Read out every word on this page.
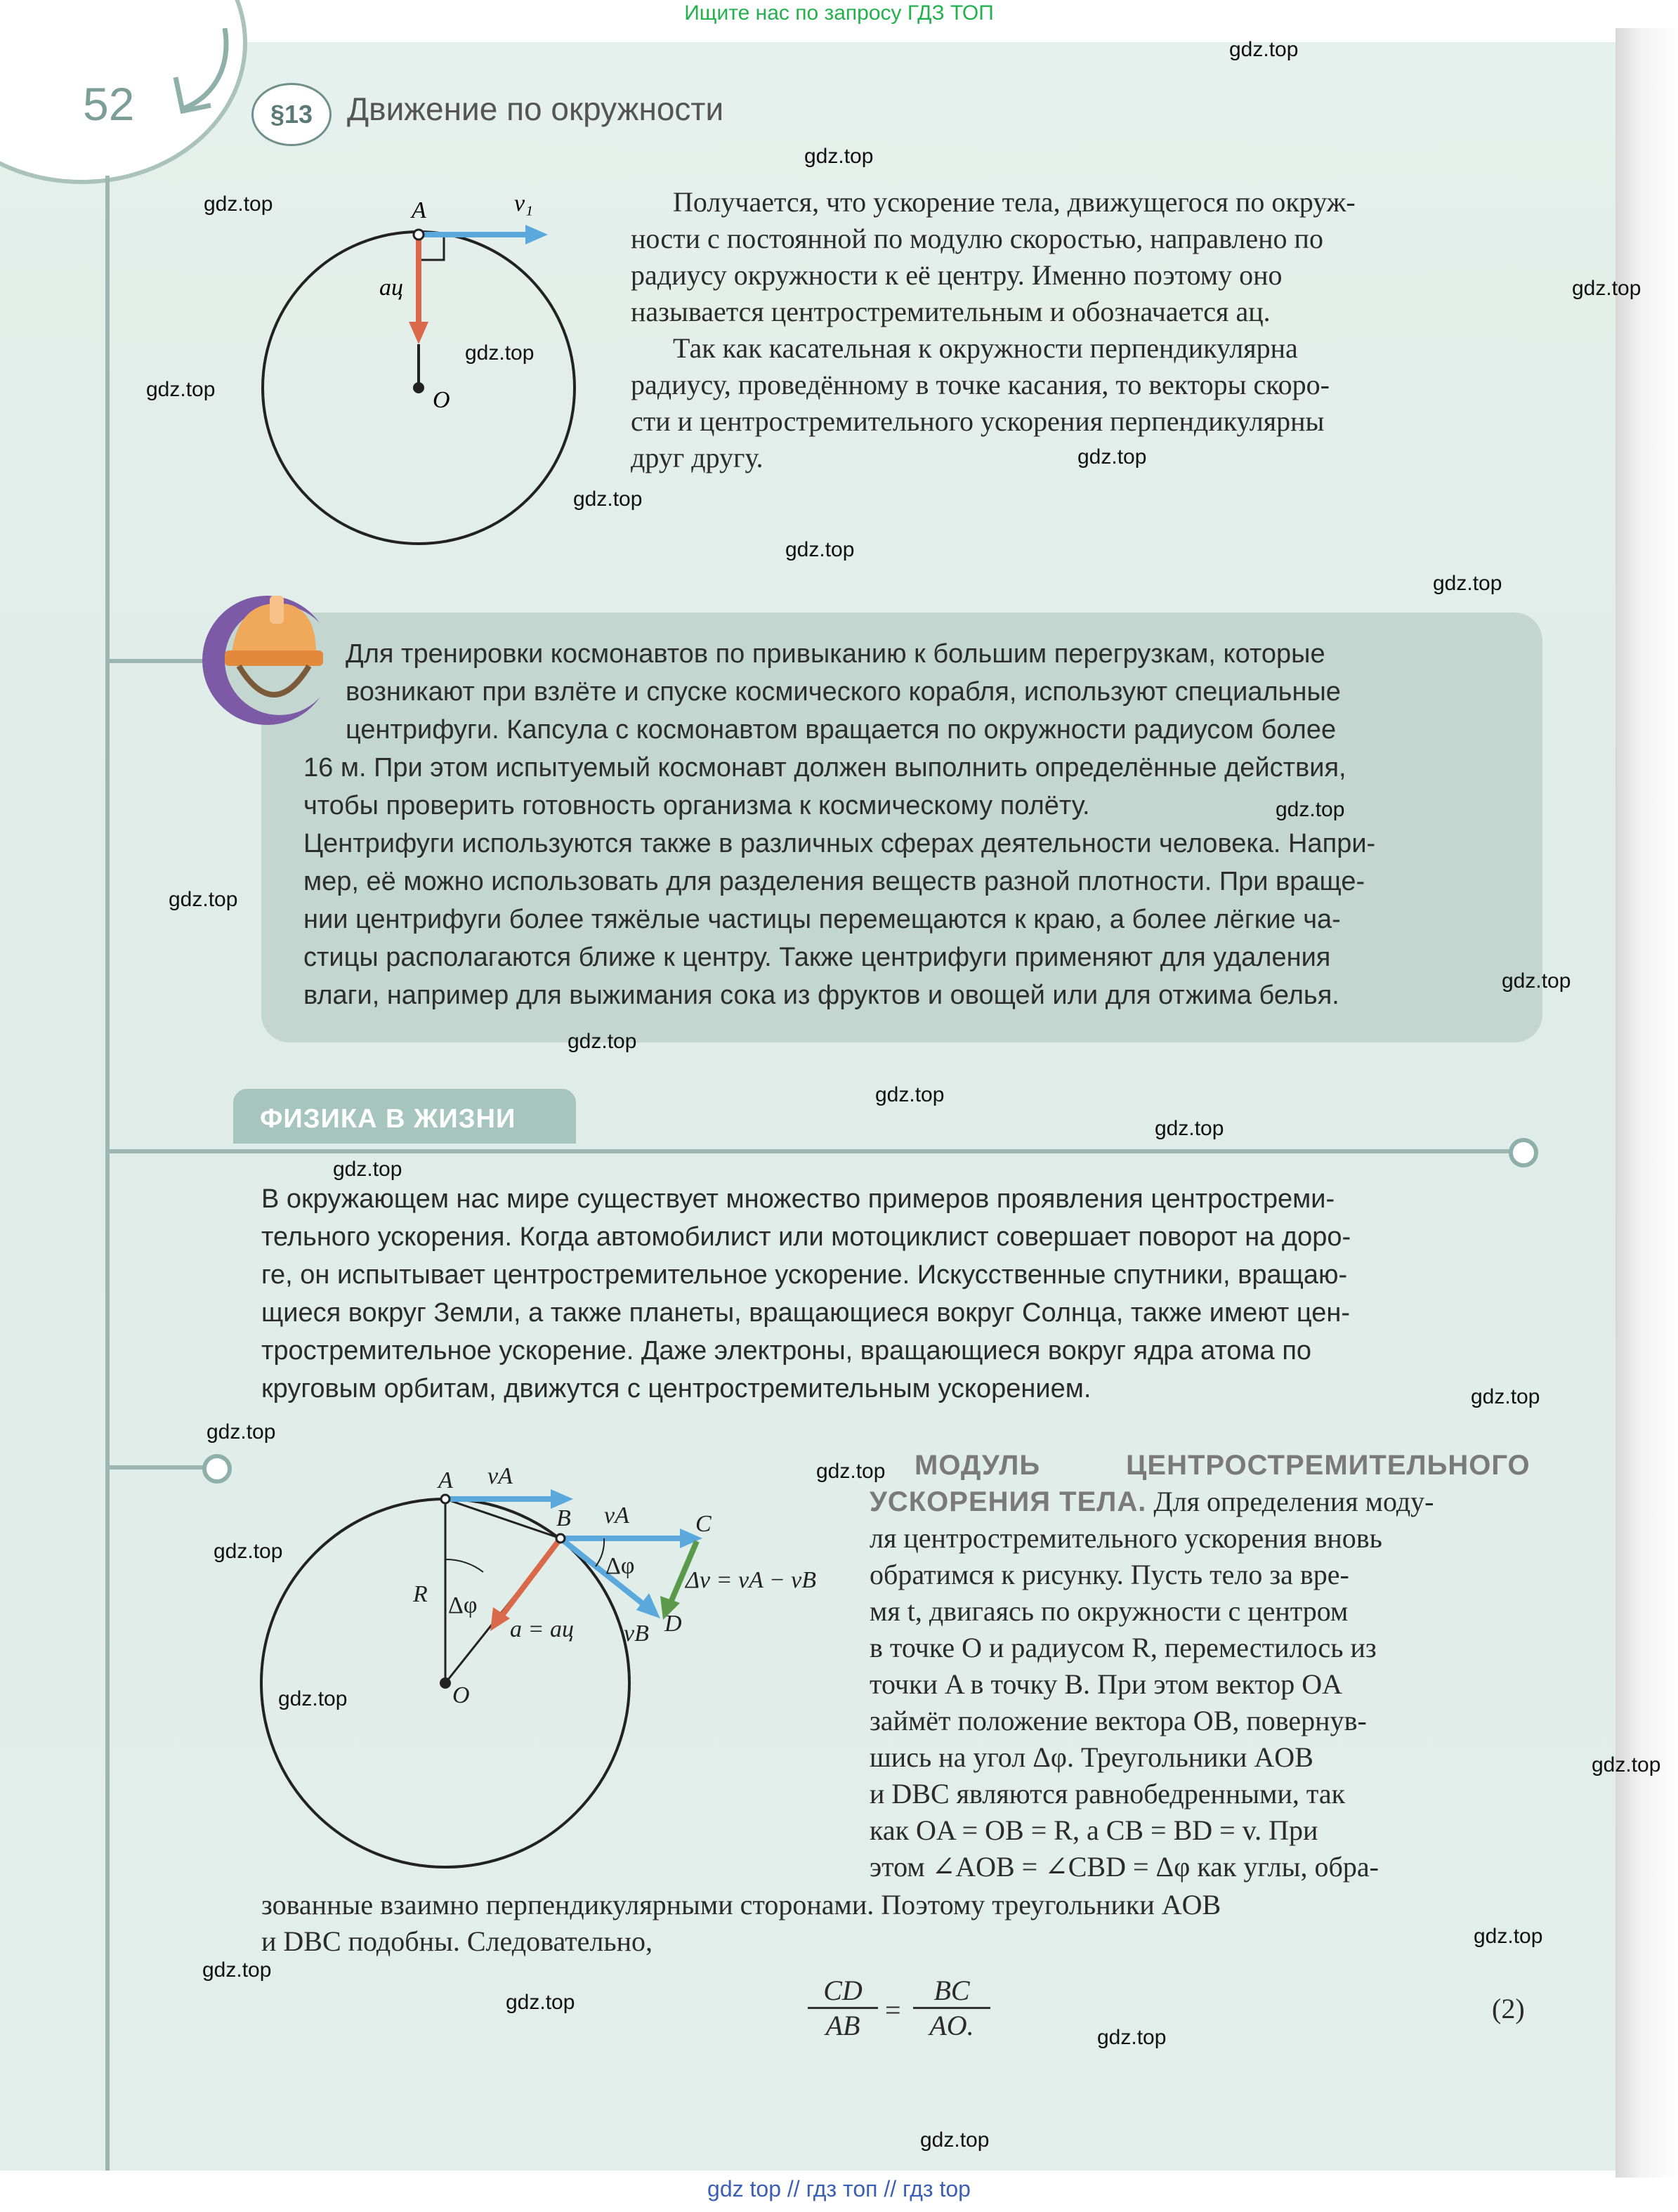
Ищите нас по запросу ГДЗ ТОП
52	§13	Движение по окружности
A	v₁
aц
O
Получается, что ускорение тела, движущегося по окруж-
ности с постоянной по модулю скоростью, направлено по
радиусу окружности к её центру. Именно поэтому оно
называется центростремительным и обозначается aц.
Так как касательная к окружности перпендикулярна
радиусу, проведённому в точке касания, то векторы скоро-
сти и центростремительного ускорения перпендикулярны
друг другу.
Для тренировки космонавтов по привыканию к большим перегрузкам, которые
возникают при взлёте и спуске космического корабля, используют специальные
центрифуги. Капсула с космонавтом вращается по окружности радиусом более
16 м. При этом испытуемый космонавт должен выполнить определённые действия,
чтобы проверить готовность организма к космическому полёту.
Центрифуги используются также в различных сферах деятельности человека. Напри-
мер, её можно использовать для разделения веществ разной плотности. При враще-
нии центрифуги более тяжёлые частицы перемещаются к краю, а более лёгкие ча-
стицы располагаются ближе к центру. Также центрифуги применяют для удаления
влаги, например для выжимания сока из фруктов и овощей или для отжима белья.
ФИЗИКА В ЖИЗНИ
В окружающем нас мире существует множество примеров проявления центростреми-
тельного ускорения. Когда автомобилист или мотоциклист совершает поворот на доро-
ге, он испытывает центростремительное ускорение. Искусственные спутники, вращаю-
щиеся вокруг Земли, а также планеты, вращающиеся вокруг Солнца, также имеют цен-
тростремительное ускорение. Даже электроны, вращающиеся вокруг ядра атома по
круговым орбитам, движутся с центростремительным ускорением.
A vA
B vA	C
Δφ
Δv = vA − vB
R Δφ
a = aц vB D
O
МОДУЛЬ ЦЕНТРОСТРЕМИТЕЛЬНОГО
УСКОРЕНИЯ ТЕЛА. Для определения моду-
ля центростремительного ускорения вновь
обратимся к рисунку. Пусть тело за вре-
мя t, двигаясь по окружности с центром
в точке O и радиусом R, переместилось из
точки A в точку B. При этом вектор OA
займёт положение вектора OB, повернув-
шись на угол Δφ. Треугольники AOB
и DBC являются равнобедренными, так
как OA = OB = R, а CB = BD = v. При
этом ∠AOB = ∠CBD = Δφ как углы, обра-
зованные взаимно перпендикулярными сторонами. Поэтому треугольники AOB
и DBC подобны. Следовательно,
$\frac{CD}{AB} = \frac{BC}{AO.}$	(2)
gdz.top
gdz.top
gdz.top
gdz.top
gdz.top
gdz.top
gdz.top
gdz.top
gdz.top
gdz.top
gdz.top
gdz.top
gdz.top
gdz.top
gdz.top
gdz.top
gdz.top
gdz.top
gdz.top
gdz.top
gdz.top
gdz.top
gdz.top
gdz.top
gdz.top
gdz.top
gdz.top
gdz.top
gdz top // гдз топ // гдз top
